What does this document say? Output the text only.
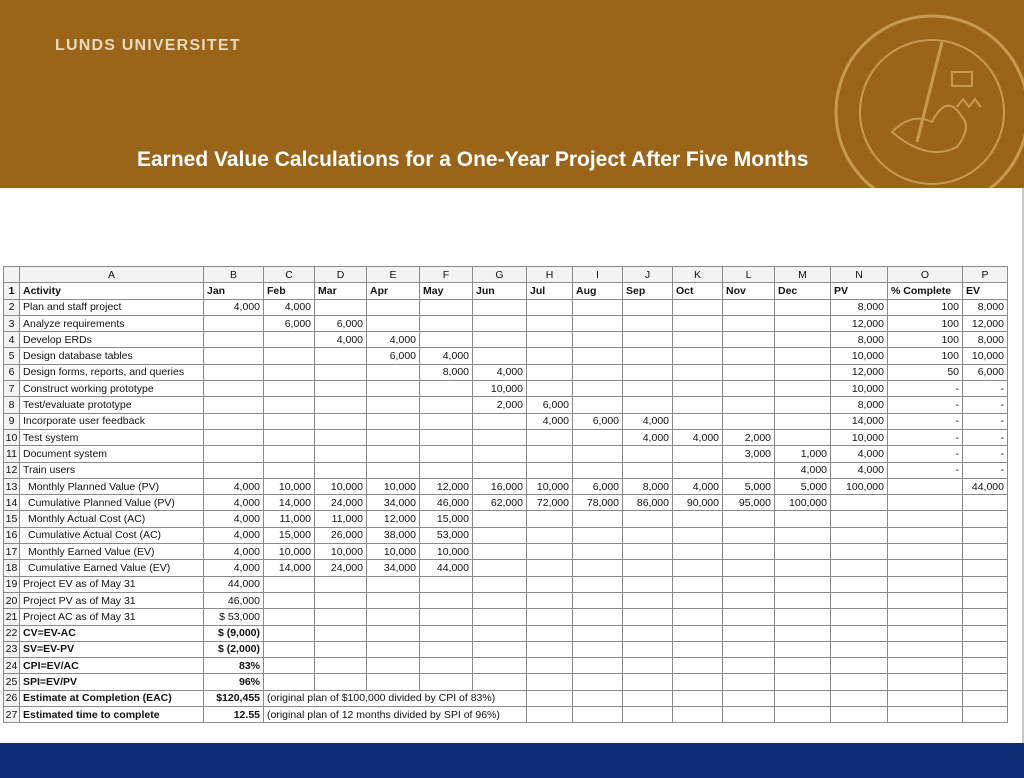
LUNDS UNIVERSITET
Earned Value Calculations for a One-Year Project After Five Months
	A	B	C	D	E	F	G	H	I	J	K	L	M	N	O	P
1	Activity	Jan	Feb	Mar	Apr	May	Jun	Jul	Aug	Sep	Oct	Nov	Dec	PV	% Complete	EV
2	Plan and staff project	4,000	4,000											8,000	100	8,000
3	Analyze requirements		6,000	6,000										12,000	100	12,000
4	Develop ERDs			4,000	4,000									8,000	100	8,000
5	Design database tables				6,000	4,000								10,000	100	10,000
6	Design forms, reports, and queries					8,000	4,000							12,000	50	6,000
7	Construct working prototype						10,000							10,000	-	-
8	Test/evaluate prototype						2,000	6,000						8,000	-	-
9	Incorporate user feedback							4,000	6,000	4,000				14,000	-	-
10	Test system									4,000	4,000	2,000		10,000	-	-
11	Document system											3,000	1,000	4,000	-	-
12	Train users												4,000	4,000	-	-
13	Monthly Planned Value (PV)	4,000	10,000	10,000	10,000	12,000	16,000	10,000	6,000	8,000	4,000	5,000	5,000	100,000		44,000
14	Cumulative Planned Value (PV)	4,000	14,000	24,000	34,000	46,000	62,000	72,000	78,000	86,000	90,000	95,000	100,000			
15	Monthly Actual Cost (AC)	4,000	11,000	11,000	12,000	15,000										
16	Cumulative Actual Cost (AC)	4,000	15,000	26,000	38,000	53,000										
17	Monthly Earned Value (EV)	4,000	10,000	10,000	10,000	10,000										
18	Cumulative Earned Value (EV)	4,000	14,000	24,000	34,000	44,000										
19	Project EV as of May 31	44,000														
20	Project PV as of May 31	46,000														
21	Project AC as of May 31	$ 53,000														
22	CV=EV-AC	$ (9,000)														
23	SV=EV-PV	$ (2,000)														
24	CPI=EV/AC	83%														
25	SPI=EV/PV	96%														
26	Estimate at Completion (EAC)	$120,455	(original plan of $100,000 divided by CPI of 83%)													
27	Estimated time to complete	12.55	(original plan of 12 months divided by SPI of 96%)													
